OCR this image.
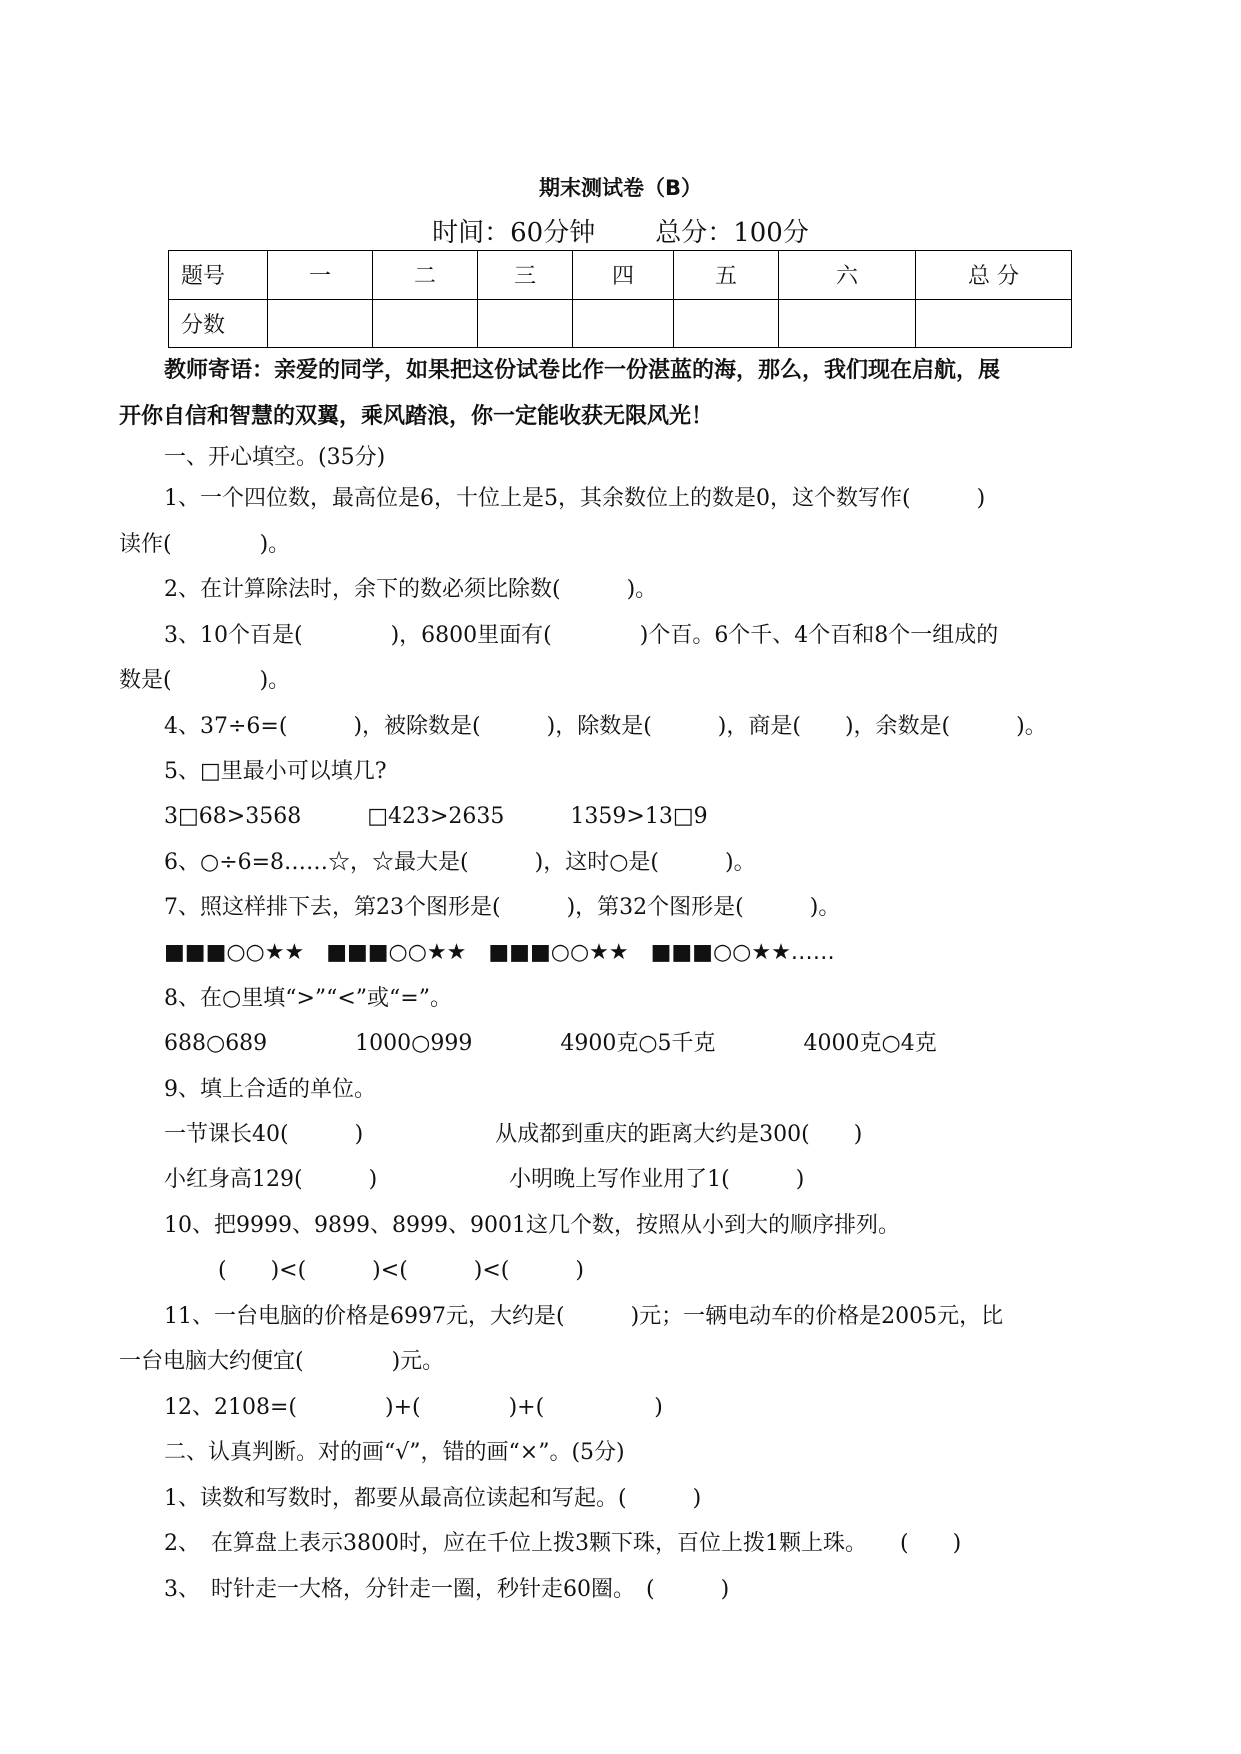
期末测试卷（B）
时间：60分钟 总分：100分
题号	一	二	三	四	五	六	总 分
分数							
教师寄语：亲爱的同学，如果把这份试卷比作一份湛蓝的海，那么，我们现在启航，展
开你自信和智慧的双翼，乘风踏浪，你一定能收获无限风光！
一、开心填空。(35分)
1、一个四位数，最高位是6，十位上是5，其余数位上的数是0，这个数写作(　　　)
读作(　　　　)。
2、在计算除法时，余下的数必须比除数(　　　)。
3、10个百是(　　　　)，6800里面有(　　　　)个百。6个千、4个百和8个一组成的
数是(　　　　)。
4、37÷6=(　　　)，被除数是(　　　)，除数是(　　　)，商是(　　)，余数是(　　　)。
5、□里最小可以填几?
3□68>3568　　　□423>2635　　　1359>13□9
6、○÷6=8……☆，☆最大是(　　　)，这时○是(　　　)。
7、照这样排下去，第23个图形是(　　　)，第32个图形是(　　　)。
■■■○○★★　■■■○○★★　■■■○○★★　■■■○○★★……
8、在○里填“>”“<”或“=”。
688○689　　　　1000○999　　　　4900克○5千克　　　　4000克○4克
9、填上合适的单位。
一节课长40(　　　)　　　　　　从成都到重庆的距离大约是300(　　)
小红身高129(　　　)　　　　　　小明晚上写作业用了1(　　　)
10、把9999、9899、8999、9001这几个数，按照从小到大的顺序排列。
(　　)<(　　　)<(　　　)<(　　　)
11、一台电脑的价格是6997元，大约是(　　　)元；一辆电动车的价格是2005元，比
一台电脑大约便宜(　　　　)元。
12、2108=(　　　　)+(　　　　)+(　　　　　)
二、认真判断。对的画“√”，错的画“×”。(5分)
1、读数和写数时，都要从最高位读起和写起。(　　　)
2、　在算盘上表示3800时，应在千位上拨3颗下珠，百位上拨1颗上珠。　　(　　)
3、　时针走一大格，分针走一圈，秒针走60圈。　(　　　)
